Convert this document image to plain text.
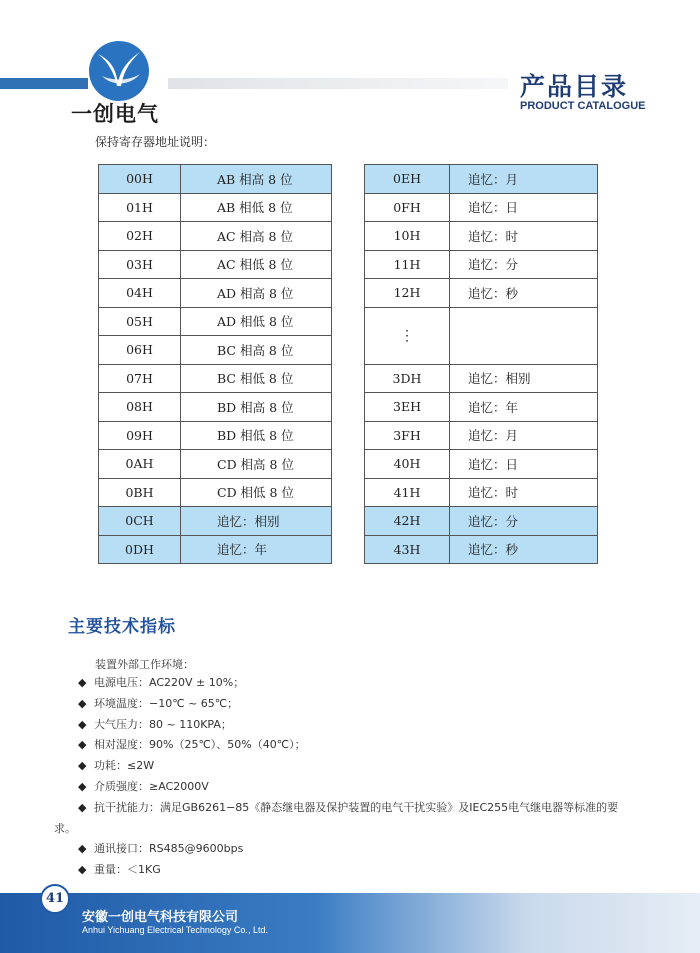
一创电气
产品目录
PRODUCT CATALOGUE
保持寄存器地址说明：
00H	AB 相高 8 位
01H	AB 相低 8 位
02H	AC 相高 8 位
03H	AC 相低 8 位
04H	AD 相高 8 位
05H	AD 相低 8 位
06H	BC 相高 8 位
07H	BC 相低 8 位
08H	BD 相高 8 位
09H	BD 相低 8 位
0AH	CD 相高 8 位
0BH	CD 相低 8 位
0CH	追忆：相别
0DH	追忆：年
0EH	追忆：月
0FH	追忆：日
10H	追忆：时
11H	追忆：分
12H	追忆：秒
⋮	
3DH	追忆：相别
3EH	追忆：年
3FH	追忆：月
40H	追忆：日
41H	追忆：时
42H	追忆：分
43H	追忆：秒
主要技术指标
装置外部工作环境：
◆ 电源电压：AC220V ± 10%；
◆ 环境温度：−10℃ ~ 65℃；
◆ 大气压力：80 ~ 110KPA；
◆ 相对湿度：90%（25℃）、50%（40℃）；
◆ 功耗：≤2W
◆ 介质强度：≥AC2000V
◆ 抗干扰能力：满足GB6261−85《静态继电器及保护装置的电气干扰实验》及IEC255电气继电器等标准的要
求。
◆ 通讯接口：RS485@9600bps
◆ 重量：＜1KG
41
安徽一创电气科技有限公司
Anhui Yichuang Electrical Technology Co., Ltd.
